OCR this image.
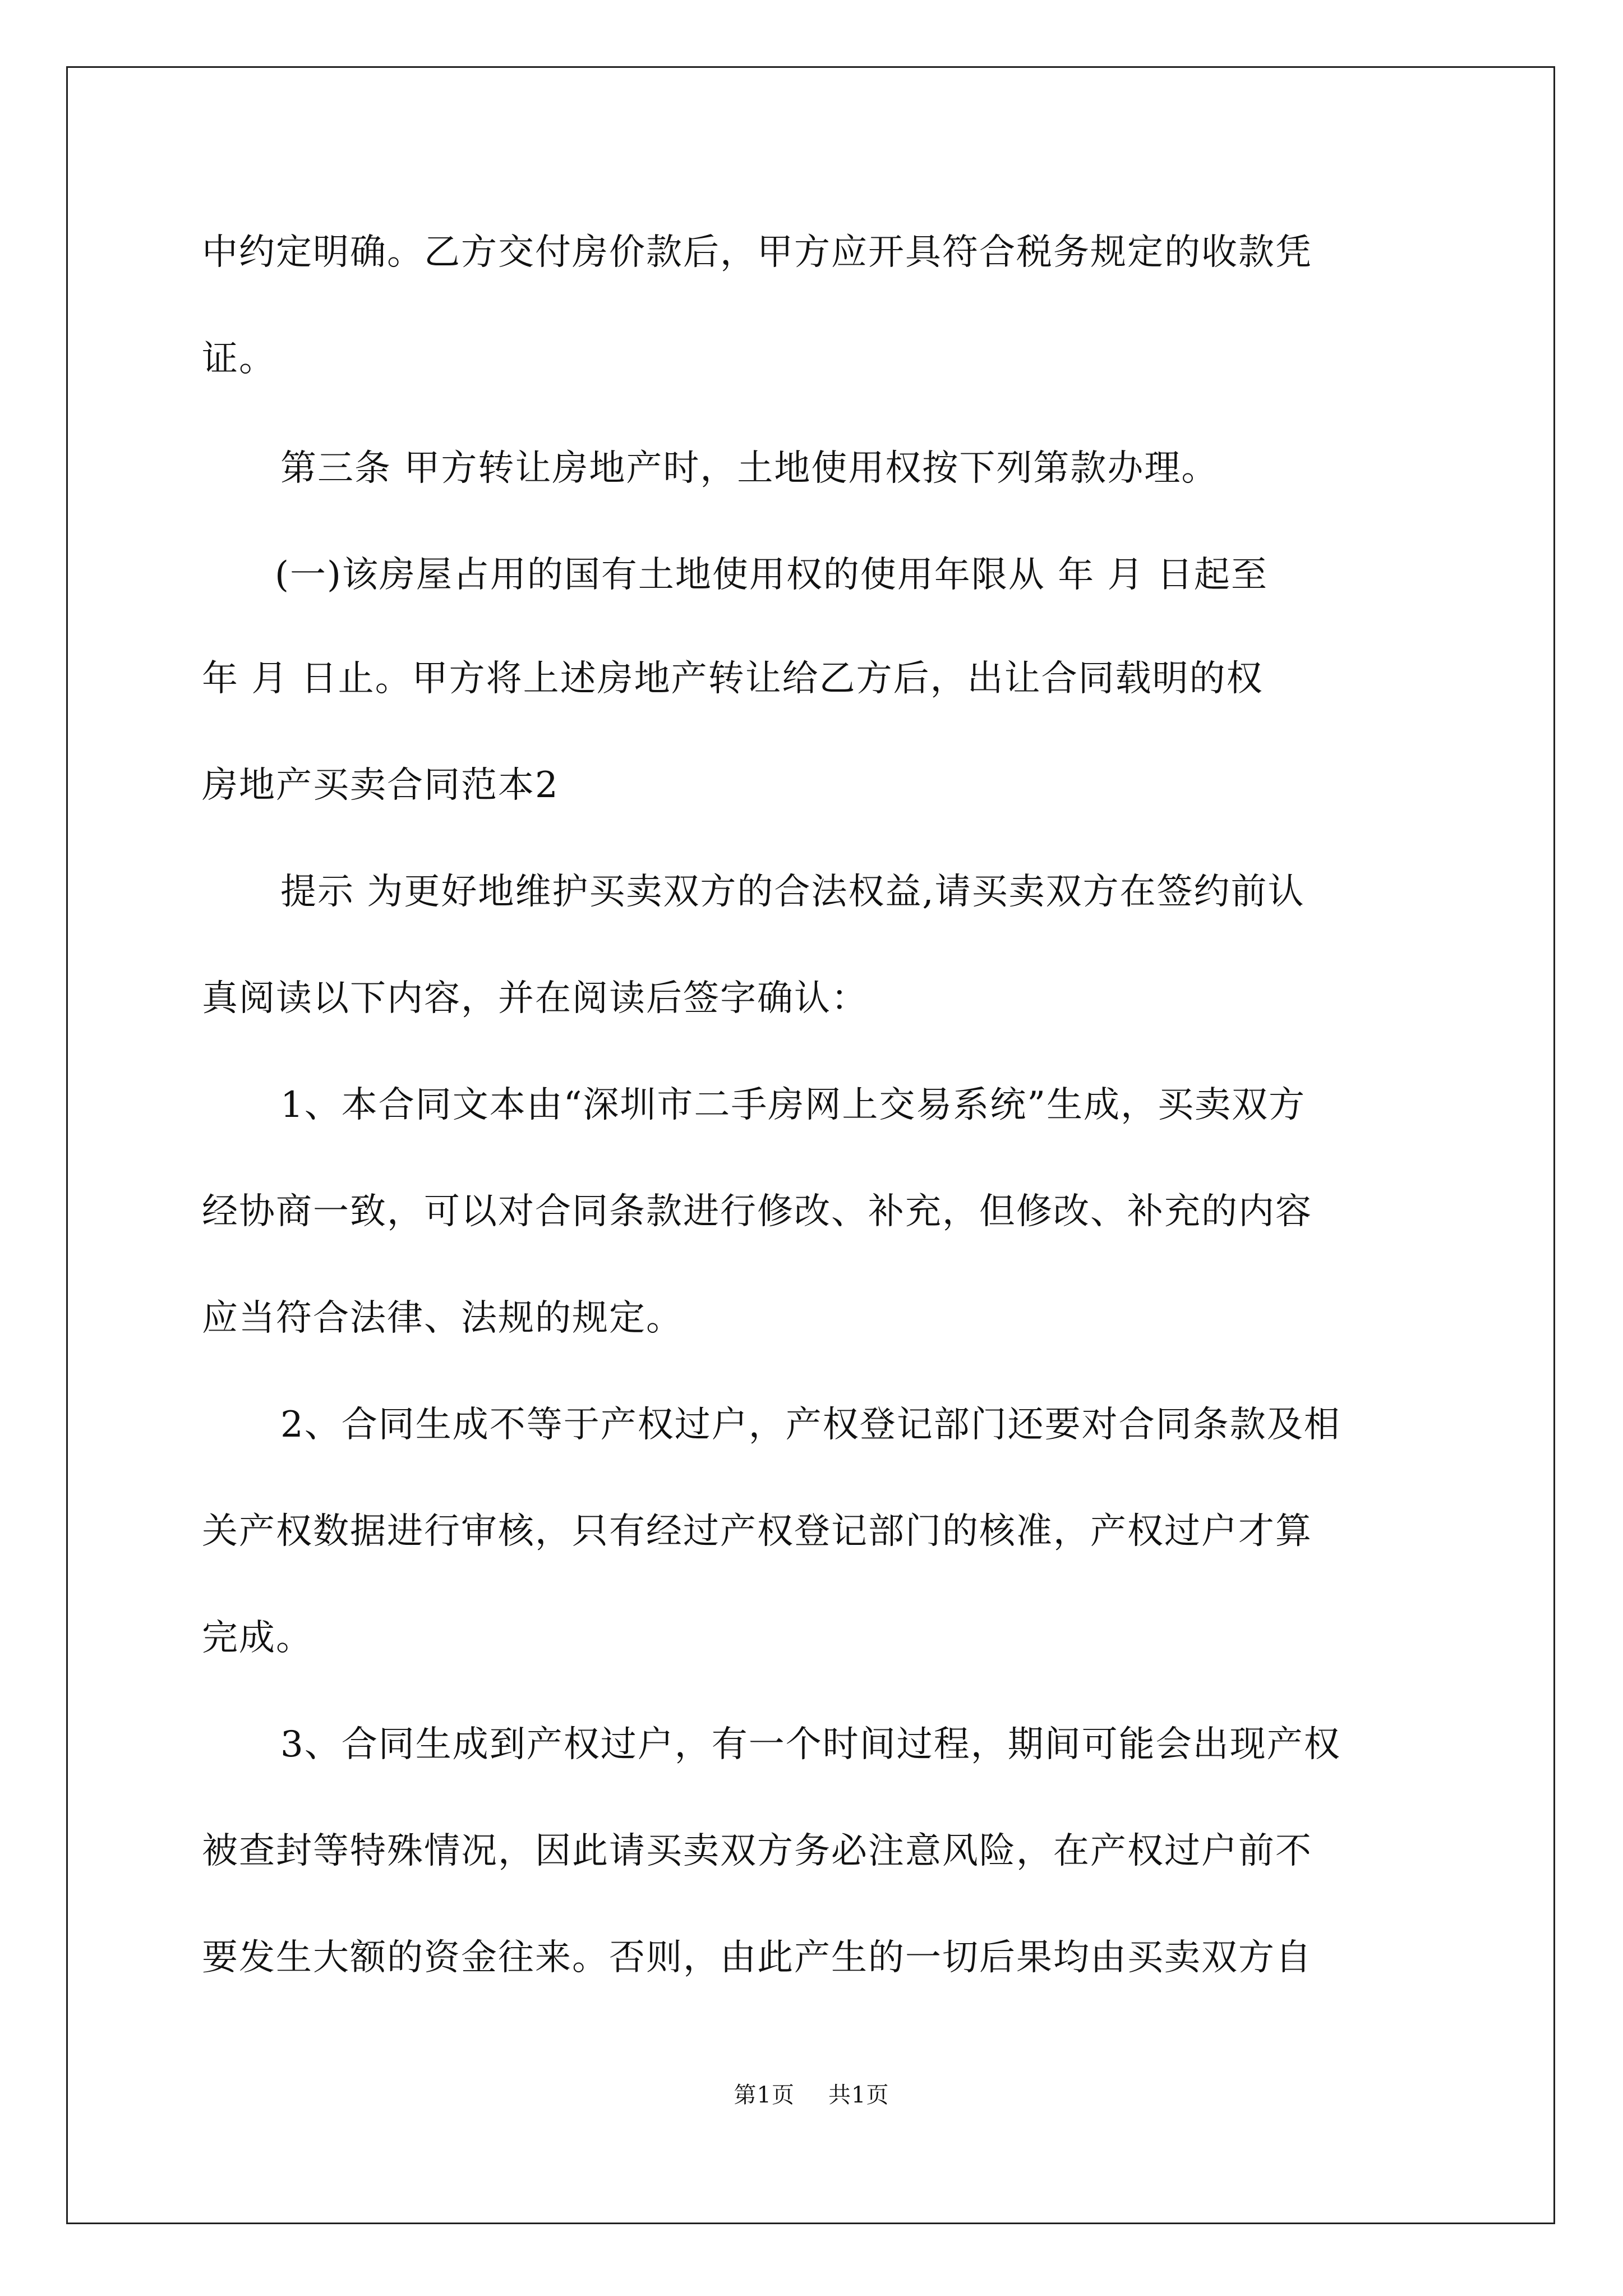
中约定明确。乙方交付房价款后，甲方应开具符合税务规定的收款凭
证。
第三条 甲方转让房地产时，土地使用权按下列第款办理。
(一)该房屋占用的国有土地使用权的使用年限从 年 月 日起至
年 月 日止。甲方将上述房地产转让给乙方后，出让合同载明的权
房地产买卖合同范本2
提示 为更好地维护买卖双方的合法权益,请买卖双方在签约前认
真阅读以下内容，并在阅读后签字确认：
1、本合同文本由“深圳市二手房网上交易系统”生成，买卖双方
经协商一致，可以对合同条款进行修改、补充，但修改、补充的内容
应当符合法律、法规的规定。
2、合同生成不等于产权过户，产权登记部门还要对合同条款及相
关产权数据进行审核，只有经过产权登记部门的核准，产权过户才算
完成。
3、合同生成到产权过户，有一个时间过程，期间可能会出现产权
被查封等特殊情况，因此请买卖双方务必注意风险，在产权过户前不
要发生大额的资金往来。否则，由此产生的一切后果均由买卖双方自
第1页 共1页
